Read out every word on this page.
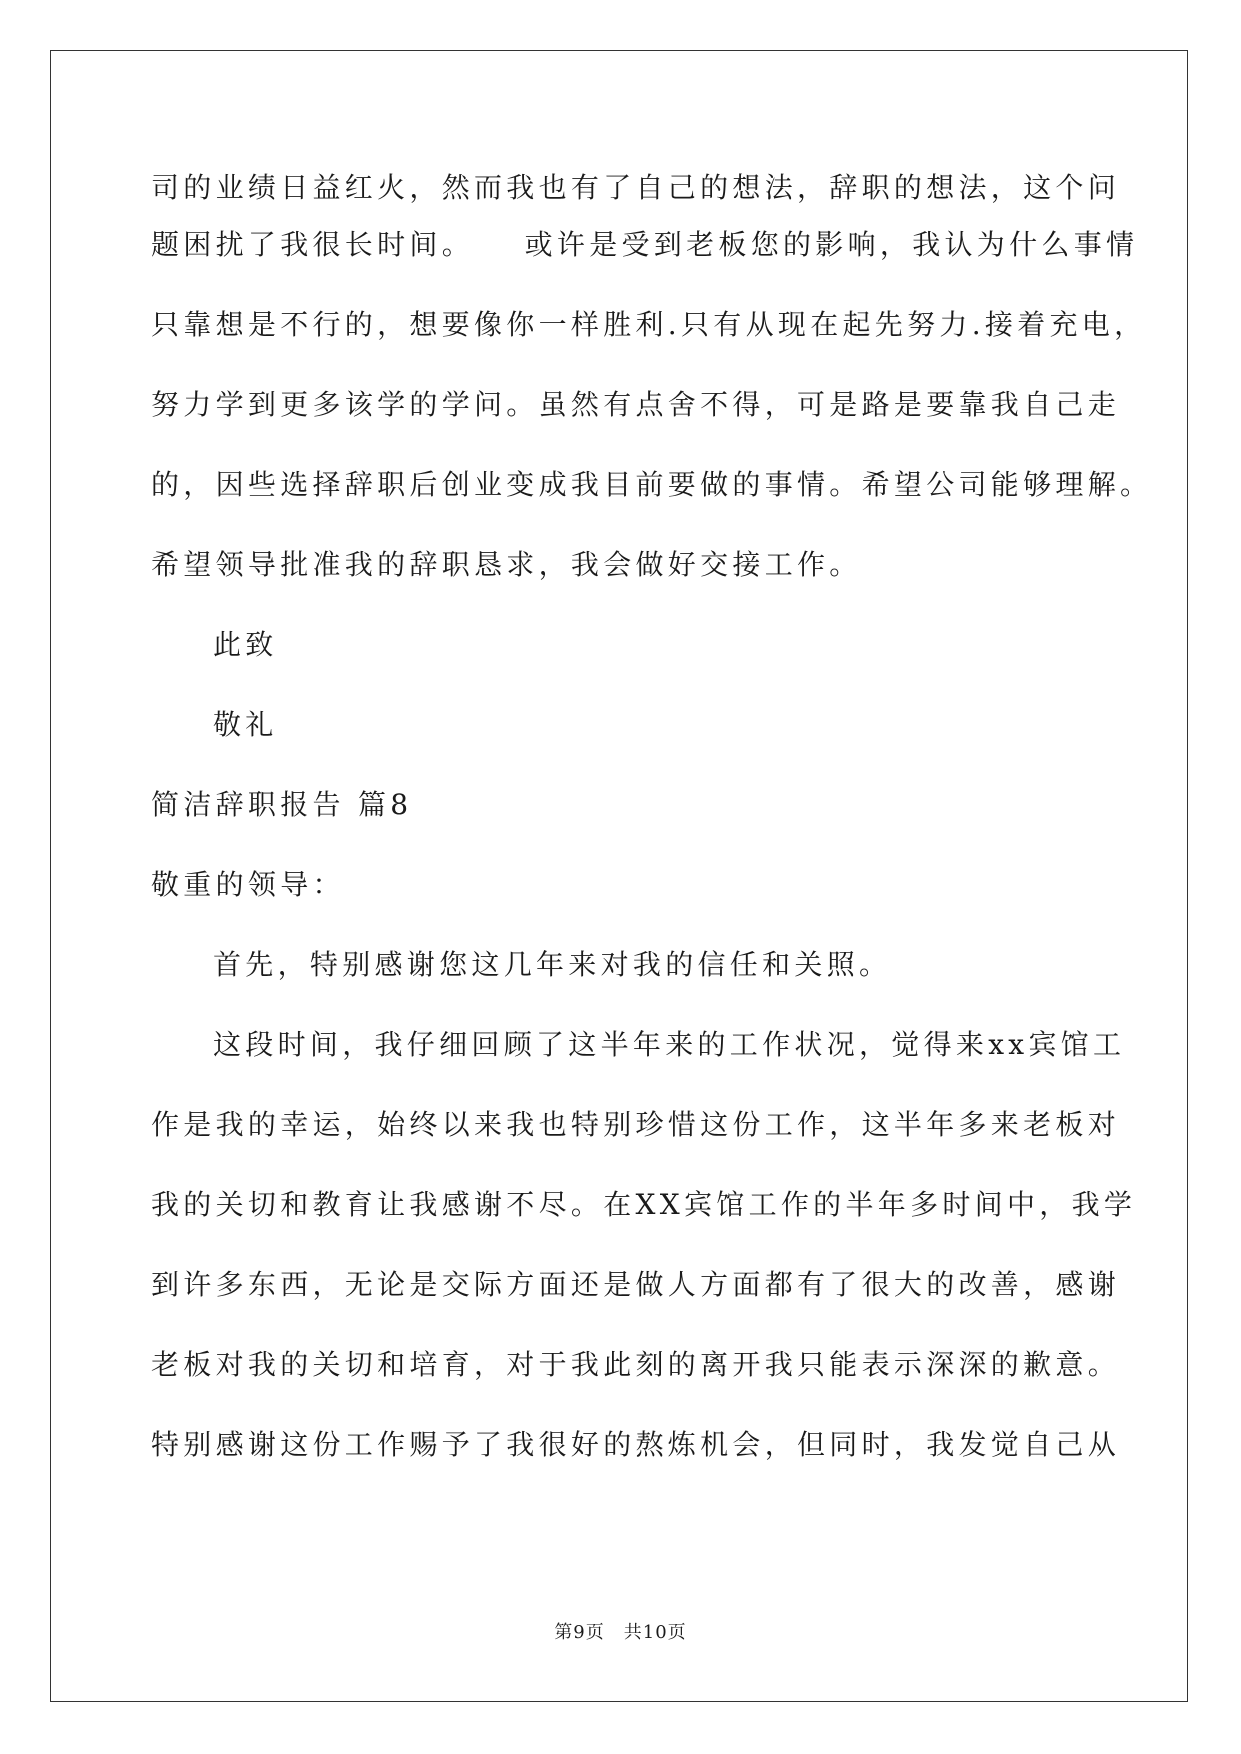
司的业绩日益红火，然而我也有了自己的想法，辞职的想法，这个问
题困扰了我很长时间。　　或许是受到老板您的影响，我认为什么事情
只靠想是不行的，想要像你一样胜利.只有从现在起先努力.接着充电，
努力学到更多该学的学问。虽然有点舍不得，可是路是要靠我自己走
的，因些选择辞职后创业变成我目前要做的事情。希望公司能够理解。
希望领导批准我的辞职恳求，我会做好交接工作。
此致
敬礼
简洁辞职报告 篇8
敬重的领导：
首先，特别感谢您这几年来对我的信任和关照。
这段时间，我仔细回顾了这半年来的工作状况，觉得来xx宾馆工
作是我的幸运，始终以来我也特别珍惜这份工作，这半年多来老板对
我的关切和教育让我感谢不尽。在XX宾馆工作的半年多时间中，我学
到许多东西，无论是交际方面还是做人方面都有了很大的改善，感谢
老板对我的关切和培育，对于我此刻的离开我只能表示深深的歉意。
特别感谢这份工作赐予了我很好的熬炼机会，但同时，我发觉自己从
第9页　共10页
